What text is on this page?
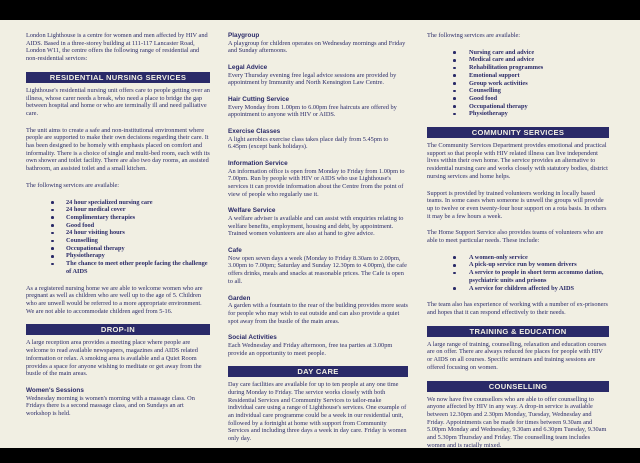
London Lighthouse is a centre for women and men affected by HIV and AIDS. Based in a three-storey building at 111-117 Lancaster Road, London W11, the centre offers the following range of residential and non-residential services:

RESIDENTIAL NURSING SERVICES

Lighthouse's residential nursing unit offers care to people getting over an illness, whose carer needs a break, who need a place to bridge the gap between hospital and home or who are terminally ill and need palliative care.

The unit aims to create a safe and non-institutional environment where people are supported to make their own decisions regarding their care. It has been designed to be homely with emphasis placed on comfort and informality. There is a choice of single and multi-bed room, each with its own shower and toilet facility. There are also two day rooms, an assisted bathroom, an assisted toilet and a small kitchen.

The following services are available:

24 hour specialized nursing care
24 hour medical cover
Complimentary therapies
Good food
24 hour visiting hours
Counselling
Occupational therapy
Physiotherapy
The chance to meet other people facing the challenge of AIDS

As a registered nursing home we are able to welcome women who are pregnant as well as children who are well up to the age of 5. Children who are unwell would be referred to a more appropriate environment. We are not able to accommodate children aged from 5-16.

DROP-IN

A large reception area provides a meeting place where people are welcome to read available newspapers, magazines and AIDS related information or relax. A smoking area is available and a Quiet Room provides a space for anyone wishing to meditate or get away from the bustle of the main areas.

Women's Sessions

Wednesday morning is women's morning with a massage class. On Fridays there is a second massage class, and on Sundays an art workshop is held.

Playgroup

A playgroup for children operates on Wednesday mornings and Friday and Sunday afternoons.

Legal Advice

Every Thursday evening free legal advice sessions are provided by appointment by Immunity and North Kensington Law Centre.

Hair Cutting Service

Every Monday from 1.00pm to 6.00pm free haircuts are offered by appointment to anyone with HIV or AIDS.

Exercise Classes

A light aerobics exercise class takes place daily from 5.45pm to 6.45pm (except bank holidays).

Information Service

An information office is open from Monday to Friday from 1.00pm to 7.00pm. Run by people with HIV or AIDS who use Lighthouse's services it can provide information about the Centre from the point of view of people who regularly use it.

Welfare Service

A welfare adviser is available and can assist with enquiries relating to welfare benefits, employment, housing and debt, by appointment. Trained women volunteers are also at hand to give advice.

Cafe

Now open seven days a week (Monday to Friday 8.30am to 2.00pm, 3.00pm to 7.00pm; Saturday and Sunday 12.30pm to 4.00pm), the cafe offers drinks, meals and snacks at reasonable prices. The Cafe is open to all.

Garden

A garden with a fountain to the rear of the building provides more seats for people who may wish to eat outside and can also provide a quiet spot away from the bustle of the main areas.

Social Activities

Each Wednesday and Friday afternoon, free tea parties at 3.00pm provide an opportunity to meet people.

DAY CARE

Day care facilities are available for up to ten people at any one time during Monday to Friday. The service works closely with both Residential Services and Community Services to tailor-make individual care using a range of Lighthouse's services. One example of an individual care programme could be a week in our residential unit, followed by a fortnight at home with support from Community Services and including three days a week in day care. Friday is women only day.

The following services are available:

Nursing care and advice
Medical care and advice
Rehabilitation programmes
Emotional support
Group work activities
Counselling
Good food
Occupational therapy
Physiotherapy
COMMUNITY SERVICES

The Community Services Department provides emotional and practical support so that people with HIV related illness can live independent lives within their own home. The service provides an alternative to residential nursing care and works closely with statutory bodies, district nursing services and home helps.

Support is provided by trained volunteers working in locally based teams. In some cases when someone is unwell the groups will provide up to twelve or even twenty-four hour support on a rota basis. In others it may be a few hours a week.

The Home Support Service also provides teams of volunteers who are able to meet particular needs. These include:

A women-only service
A pick-up service run by women drivers
A service to people in short term accommo dation, psychiatric units and prisons
A service for children affected by AIDS

The team also has experience of working with a number of ex-prisoners and hopes that it can respond effectively to their needs.

TRAINING & EDUCATION

A large range of training, counselling, relaxation and education courses are on offer. There are always reduced fee places for people with HIV or AIDS on all courses. Specific seminars and training sessions are offered focusing on women.

COUNSELLING

We now have five counsellors who are able to offer counselling to anyone affected by HIV in any way. A drop-in service is available between 12.30pm and 2.30pm Monday, Tuesday, Wednesday and Friday. Appointments can be made for times between 9.30am and 5.00pm Monday and Wednesday, 9.30am and 6.30pm Tuesday, 9.30am and 5.30pm Thursday and Friday. The counselling team includes women and is racially mixed.
